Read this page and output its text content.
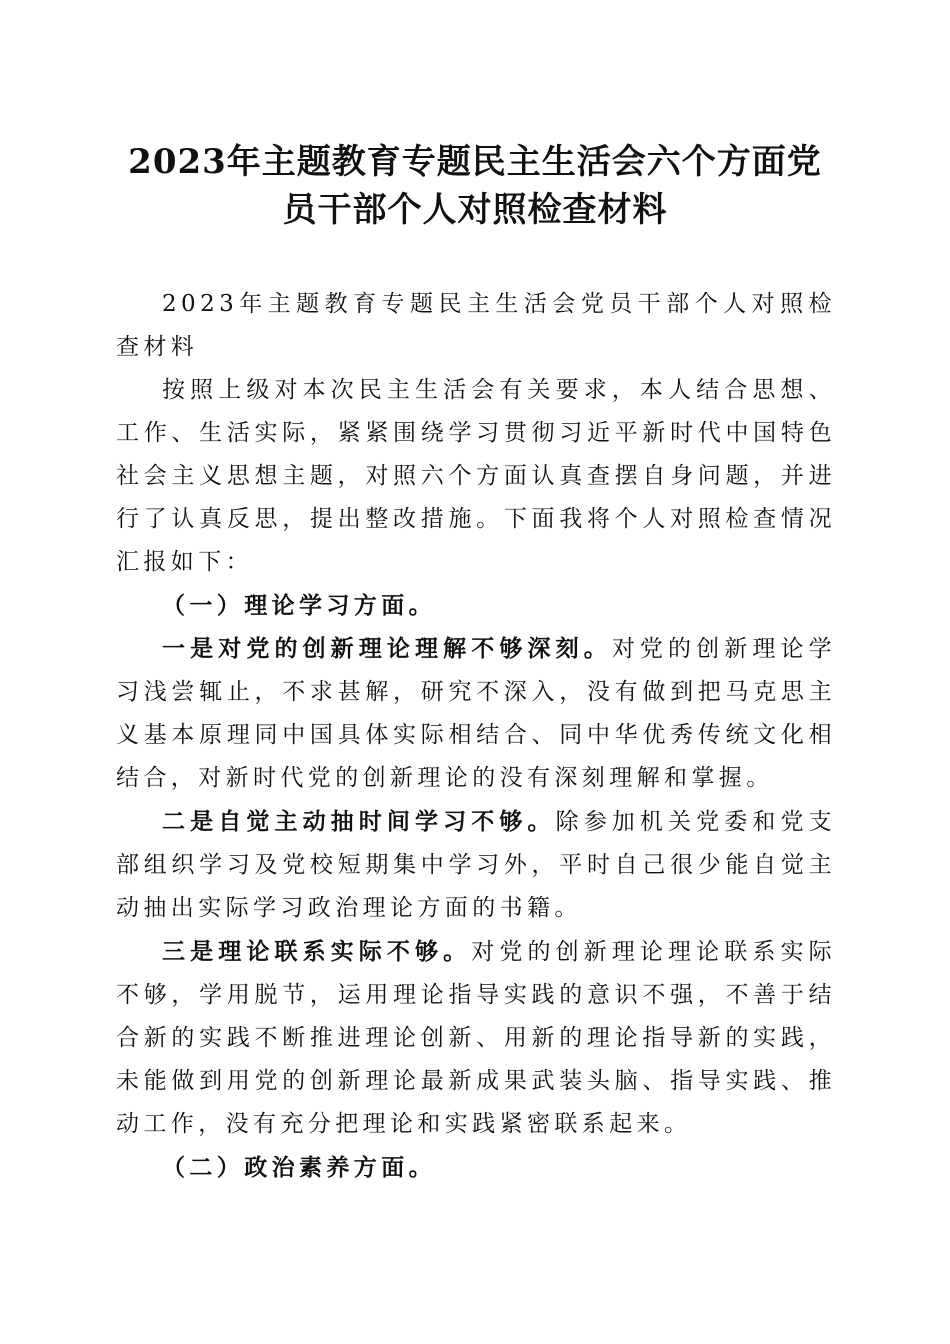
2023年主题教育专题民主生活会六个方面党
员干部个人对照检查材料

2023年主题教育专题民主生活会党员干部个人对照检查材料

按照上级对本次民主生活会有关要求，本人结合思想、工作、生活实际，紧紧围绕学习贯彻习近平新时代中国特色社会主义思想主题，对照六个方面认真查摆自身问题，并进行了认真反思，提出整改措施。下面我将个人对照检查情况汇报如下：

（一）理论学习方面。

一是对党的创新理论理解不够深刻。对党的创新理论学习浅尝辄止，不求甚解，研究不深入，没有做到把马克思主义基本原理同中国具体实际相结合、同中华优秀传统文化相结合，对新时代党的创新理论的没有深刻理解和掌握。

二是自觉主动抽时间学习不够。除参加机关党委和党支部组织学习及党校短期集中学习外，平时自己很少能自觉主动抽出实际学习政治理论方面的书籍。

三是理论联系实际不够。对党的创新理论理论联系实际不够，学用脱节，运用理论指导实践的意识不强，不善于结合新的实践不断推进理论创新、用新的理论指导新的实践，未能做到用党的创新理论最新成果武装头脑、指导实践、推动工作，没有充分把理论和实践紧密联系起来。

（二）政治素养方面。
